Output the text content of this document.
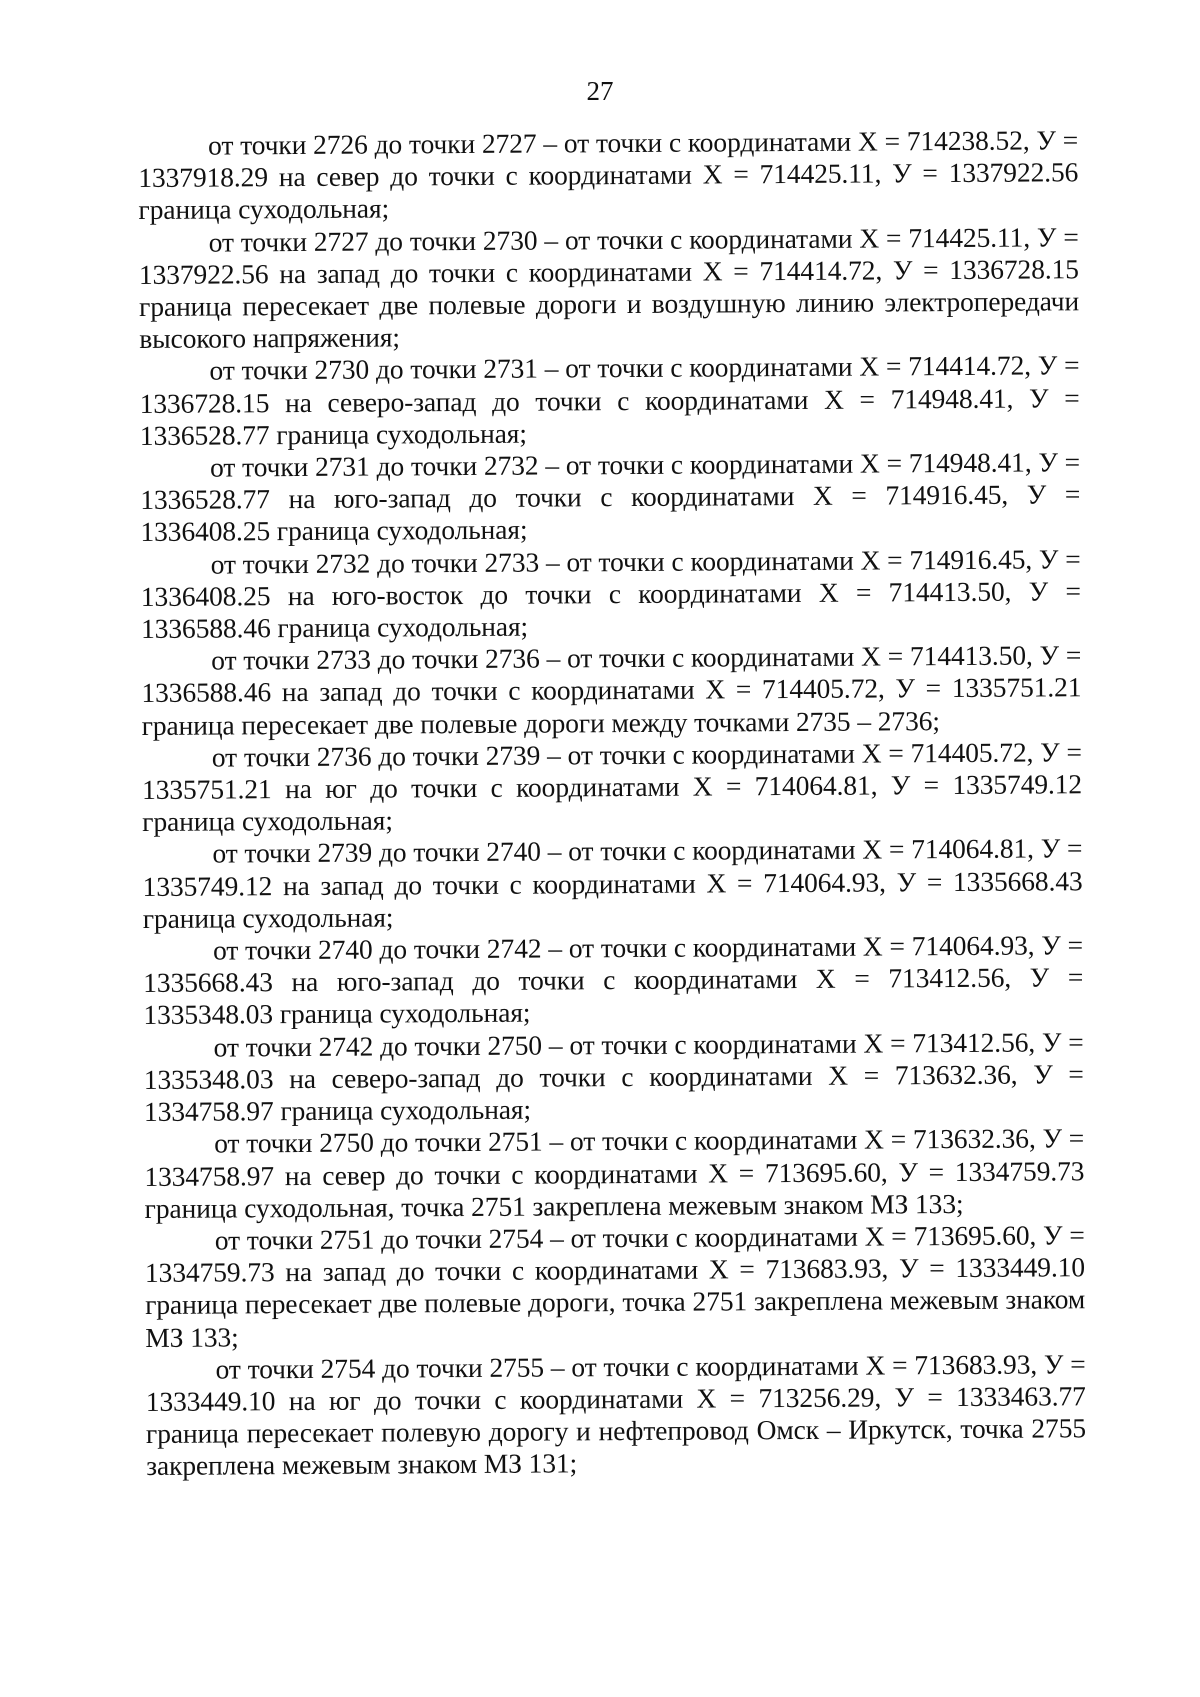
27

от точки 2726 до точки 2727 – от точки с координатами Х = 714238.52, У = 1337918.29 на север до точки с координатами Х = 714425.11, У = 1337922.56 граница суходольная;

от точки 2727 до точки 2730 – от точки с координатами Х = 714425.11, У = 1337922.56 на запад до точки с координатами Х = 714414.72, У = 1336728.15 граница пересекает две полевые дороги и воздушную линию электропередачи высокого напряжения;

от точки 2730 до точки 2731 – от точки с координатами Х = 714414.72, У = 1336728.15 на северо-запад до точки с координатами Х = 714948.41, У = 1336528.77 граница суходольная;

от точки 2731 до точки 2732 – от точки с координатами Х = 714948.41, У = 1336528.77 на юго-запад до точки с координатами Х = 714916.45, У = 1336408.25 граница суходольная;

от точки 2732 до точки 2733 – от точки с координатами Х = 714916.45, У = 1336408.25 на юго-восток до точки с координатами Х = 714413.50, У = 1336588.46 граница суходольная;

от точки 2733 до точки 2736 – от точки с координатами Х = 714413.50, У = 1336588.46 на запад до точки с координатами Х = 714405.72, У = 1335751.21 граница пересекает две полевые дороги между точками 2735 – 2736;

от точки 2736 до точки 2739 – от точки с координатами Х = 714405.72, У = 1335751.21 на юг до точки с координатами Х = 714064.81, У = 1335749.12 граница суходольная;

от точки 2739 до точки 2740 – от точки с координатами Х = 714064.81, У = 1335749.12 на запад до точки с координатами Х = 714064.93, У = 1335668.43 граница суходольная;

от точки 2740 до точки 2742 – от точки с координатами Х = 714064.93, У = 1335668.43 на юго-запад до точки с координатами Х = 713412.56, У = 1335348.03 граница суходольная;

от точки 2742 до точки 2750 – от точки с координатами Х = 713412.56, У = 1335348.03 на северо-запад до точки с координатами Х = 713632.36, У = 1334758.97 граница суходольная;

от точки 2750 до точки 2751 – от точки с координатами Х = 713632.36, У = 1334758.97 на север до точки с координатами Х = 713695.60, У = 1334759.73 граница суходольная, точка 2751 закреплена межевым знаком МЗ 133;

от точки 2751 до точки 2754 – от точки с координатами Х = 713695.60, У = 1334759.73 на запад до точки с координатами Х = 713683.93, У = 1333449.10 граница пересекает две полевые дороги, точка 2751 закреплена межевым знаком МЗ 133;

от точки 2754 до точки 2755 – от точки с координатами Х = 713683.93, У = 1333449.10 на юг до точки с координатами Х = 713256.29, У = 1333463.77 граница пересекает полевую дорогу и нефтепровод Омск – Иркутск, точка 2755 закреплена межевым знаком МЗ 131;
